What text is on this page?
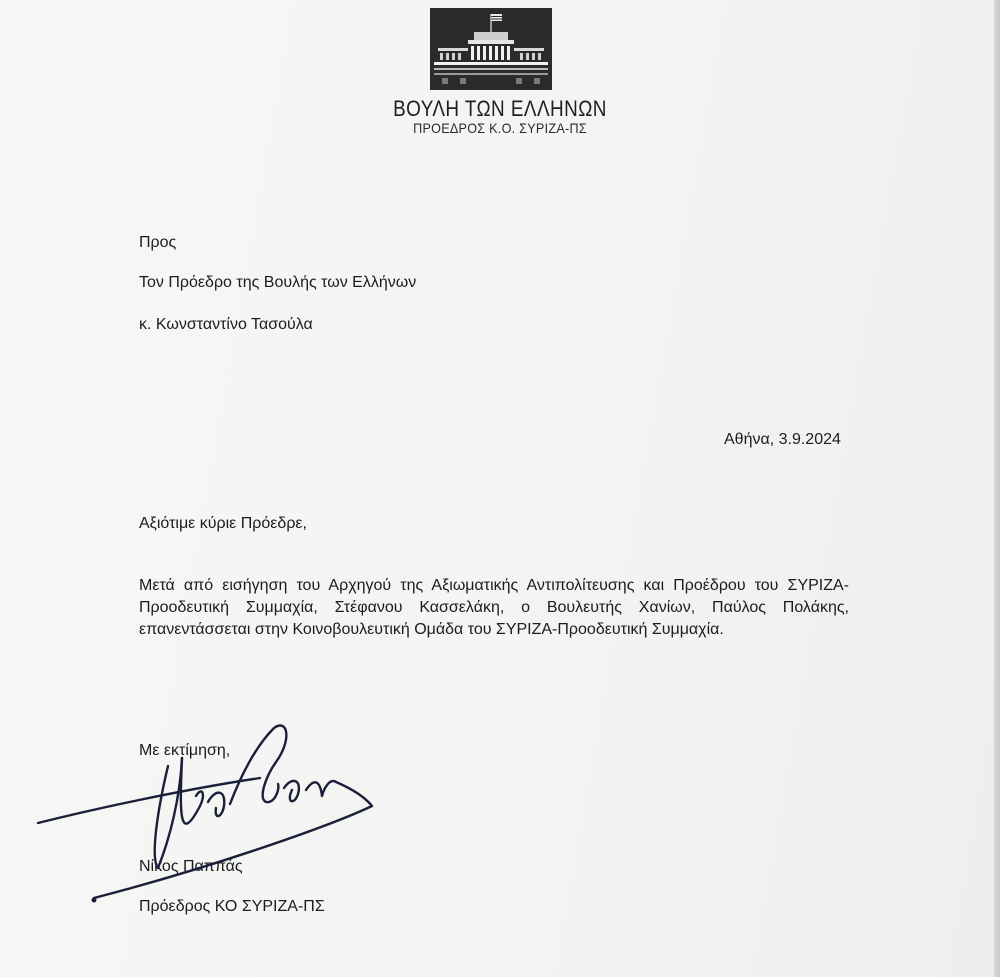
ΒΟΥΛΗ ΤΩΝ ΕΛΛΗΝΩΝ
ΠΡΟΕΔΡΟΣ Κ.Ο. ΣΥΡΙΖΑ-ΠΣ
Προς
Τον Πρόεδρο της Βουλής των Ελλήνων
κ. Κωνσταντίνο Τασούλα
Αθήνα, 3.9.2024
Αξιότιμε κύριε Πρόεδρε,
Μετά από εισήγηση του Αρχηγού της Αξιωματικής Αντιπολίτευσης και Προέδρου του ΣΥΡΙΖΑ-Προοδευτική Συμμαχία, Στέφανου Κασσελάκη, ο Βουλευτής Χανίων, Παύλος Πολάκης, επανεντάσσεται στην Κοινοβουλευτική Ομάδα του ΣΥΡΙΖΑ-Προοδευτική Συμμαχία.
Με εκτίμηση,
Νίκος Παππάς
Πρόεδρος ΚΟ ΣΥΡΙΖΑ-ΠΣ
